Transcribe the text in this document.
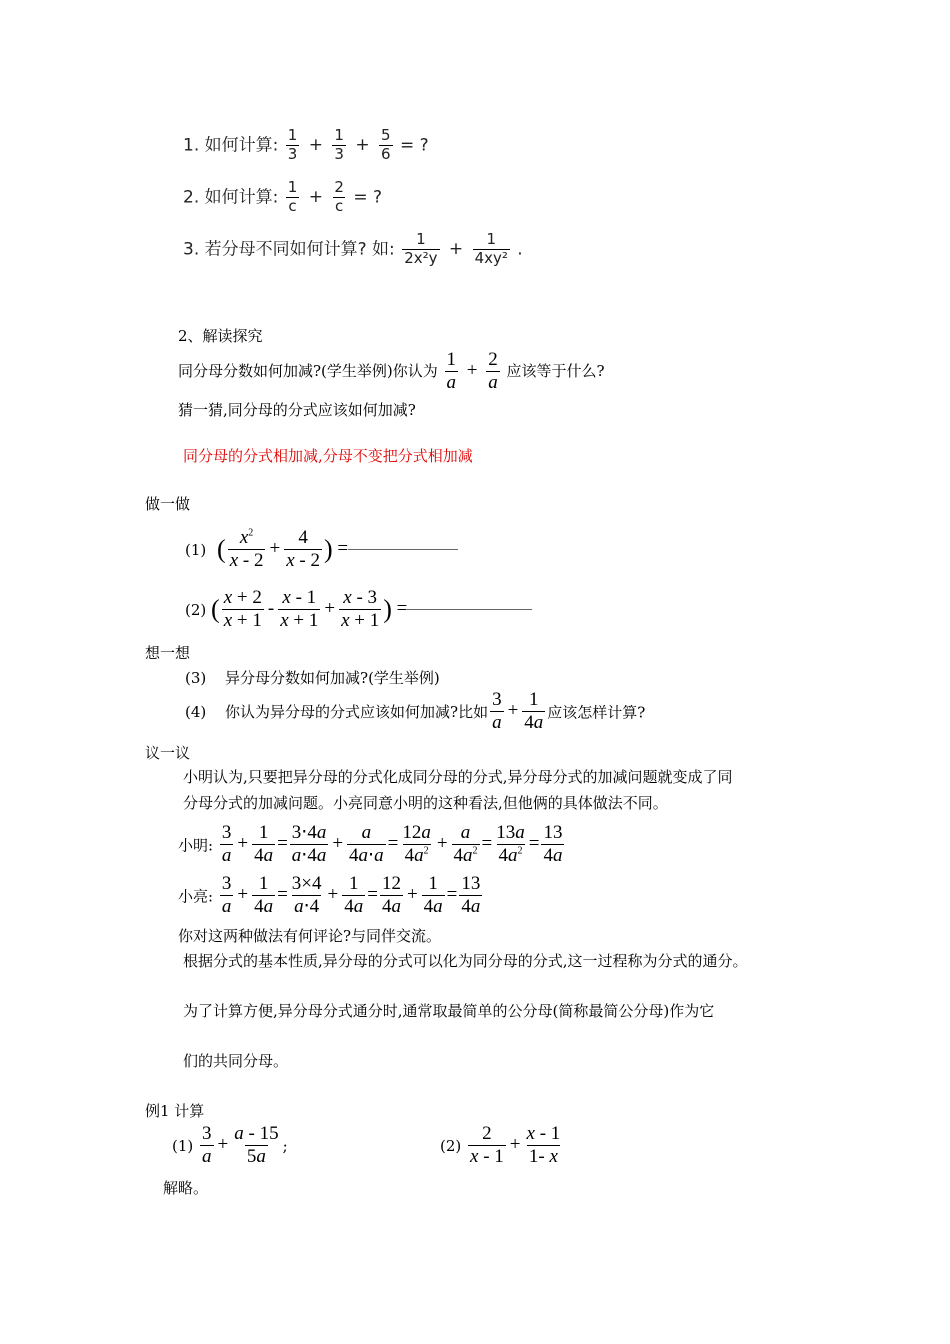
1. 如何计算: $\frac{1}{3} + \frac{1}{3} + \frac{5}{6}$ = ?
2. 如何计算: $\frac{1}{c} + \frac{2}{c}$ = ?
3. 若分母不同如何计算? 如: $\frac{1}{\text{2x²y}} + \frac{1}{\text{4xy²}}$ .
2、解读探究
同分母分数如何加减?(学生举例)你认为 $\frac{1}{a} + \frac{2}{a}$ 应该等于什么?
猜一猜,同分母的分式应该如何加减?
同分母的分式相加减,分母不变把分式相加减
做一做
(1) ( $\frac{x^2}{x - 2} + \frac{4}{x - 2}$ ) =
(2) ( $\frac{x + 2}{x + 1} - \frac{x - 1}{x + 1} + \frac{x - 3}{x + 1}$ ) =
想一想
(3) 异分母分数如何加减?(学生举例)
(4) 你认为异分母的分式应该如何加减?比如 $\frac{3}{a} + \frac{1}{4a}$ 应该怎样计算?
议一议
小明认为,只要把异分母的分式化成同分母的分式,异分母分式的加减问题就变成了同
分母分式的加减问题。小亮同意小明的这种看法,但他俩的具体做法不同。
小明: $\frac{3}{a} + \frac{1}{4a} = \frac{3\cdot 4a}{a\cdot 4a} + \frac{a}{4a\cdot a} = \frac{12a}{4a^2} + \frac{a}{4a^2} = \frac{13a}{4a^2} = \frac{13}{4a}$
小亮: $\frac{3}{a} + \frac{1}{4a} = \frac{3\times 4}{a\cdot 4} + \frac{1}{4a} = \frac{12}{4a} + \frac{1}{4a} = \frac{13}{4a}$
你对这两种做法有何评论?与同伴交流。
根据分式的基本性质,异分母的分式可以化为同分母的分式,这一过程称为分式的通分。
为了计算方便,异分母分式通分时,通常取最简单的公分母(简称最简公分母)作为它
们的共同分母。
例1 计算
$(1) \frac{3}{a} + \frac{a - 15}{5a}$ ;	$(2) \frac{2}{x - 1} + \frac{x - 1}{1- x}$
解略。
